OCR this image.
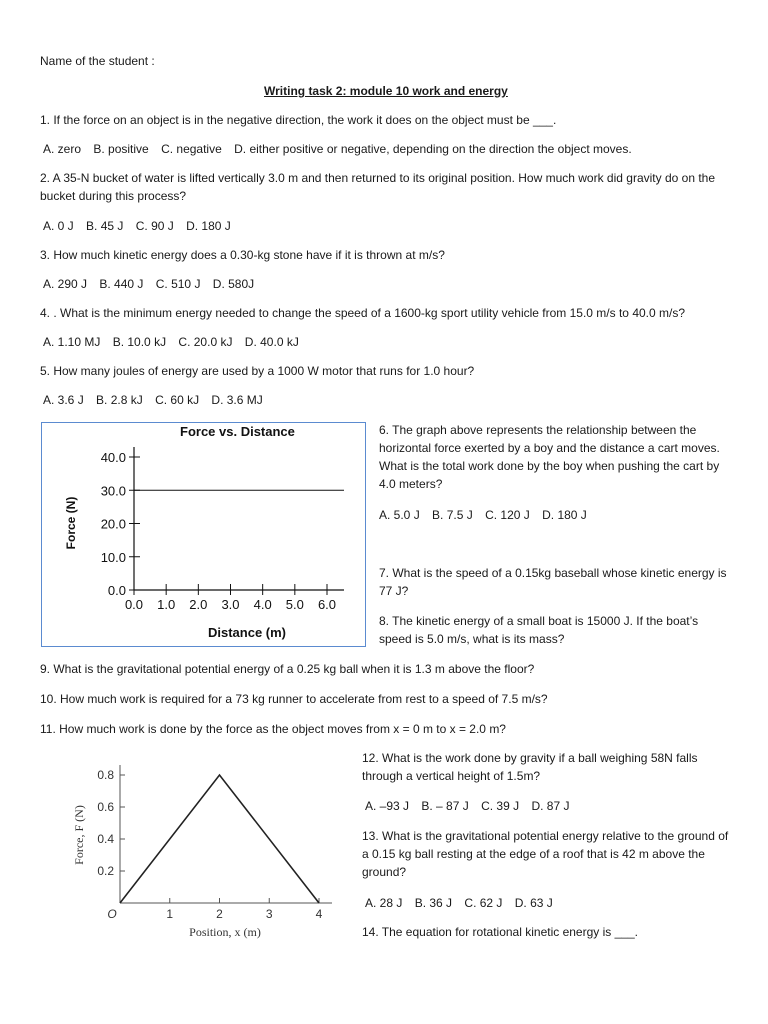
Name of the student :
Writing task 2: module 10 work and energy
1. If the force on an object is in the negative direction, the work it does on the object must be ___.
A. zero B. positive C. negative D. either positive or negative, depending on the direction the object moves.
2. A 35-N bucket of water is lifted vertically 3.0 m and then returned to its original position. How much work did gravity do on the bucket during this process?
A. 0 J B. 45 J C. 90 J D. 180 J
3. How much kinetic energy does a 0.30-kg stone have if it is thrown at m/s?
A. 290 J B. 440 J C. 510 J D. 580J
4. . What is the minimum energy needed to change the speed of a 1600-kg sport utility vehicle from 15.0 m/s to 40.0 m/s?
A. 1.10 MJ B. 10.0 kJ C. 20.0 kJ D. 40.0 kJ
5. How many joules of energy are used by a 1000 W motor that runs for 1.0 hour?
A. 3.6 J B. 2.8 kJ C. 60 kJ D. 3.6 MJ
Force vs. Distance
Force (N)
Distance (m)
0.0
10.0
20.0
30.0
40.0
0.0 1.0 2.0 3.0 4.0 5.0 6.0
6. The graph above represents the relationship between the horizontal force exerted by a boy and the distance a cart moves. What is the total work done by the boy when pushing the cart by 4.0 meters?
A. 5.0 J B. 7.5 J C. 120 J D. 180 J
7. What is the speed of a 0.15kg baseball whose kinetic energy is 77 J?
8. The kinetic energy of a small boat is 15000 J. If the boat’s speed is 5.0 m/s, what is its mass?
9. What is the gravitational potential energy of a 0.25 kg ball when it is 1.3 m above the floor?
10. How much work is required for a 73 kg runner to accelerate from rest to a speed of 7.5 m/s?
11. How much work is done by the force as the object moves from x = 0 m to x = 2.0 m?
Force, F (N)
Position, x (m)
0.2
0.4
0.6
0.8
O	1	2	3	4
12. What is the work done by gravity if a ball weighing 58N falls through a vertical height of 1.5m?
A. –93 J B. – 87 J C. 39 J D. 87 J
13. What is the gravitational potential energy relative to the ground of a 0.15 kg ball resting at the edge of a roof that is 42 m above the ground?
A. 28 J B. 36 J C. 62 J D. 63 J
14. The equation for rotational kinetic energy is ___.
